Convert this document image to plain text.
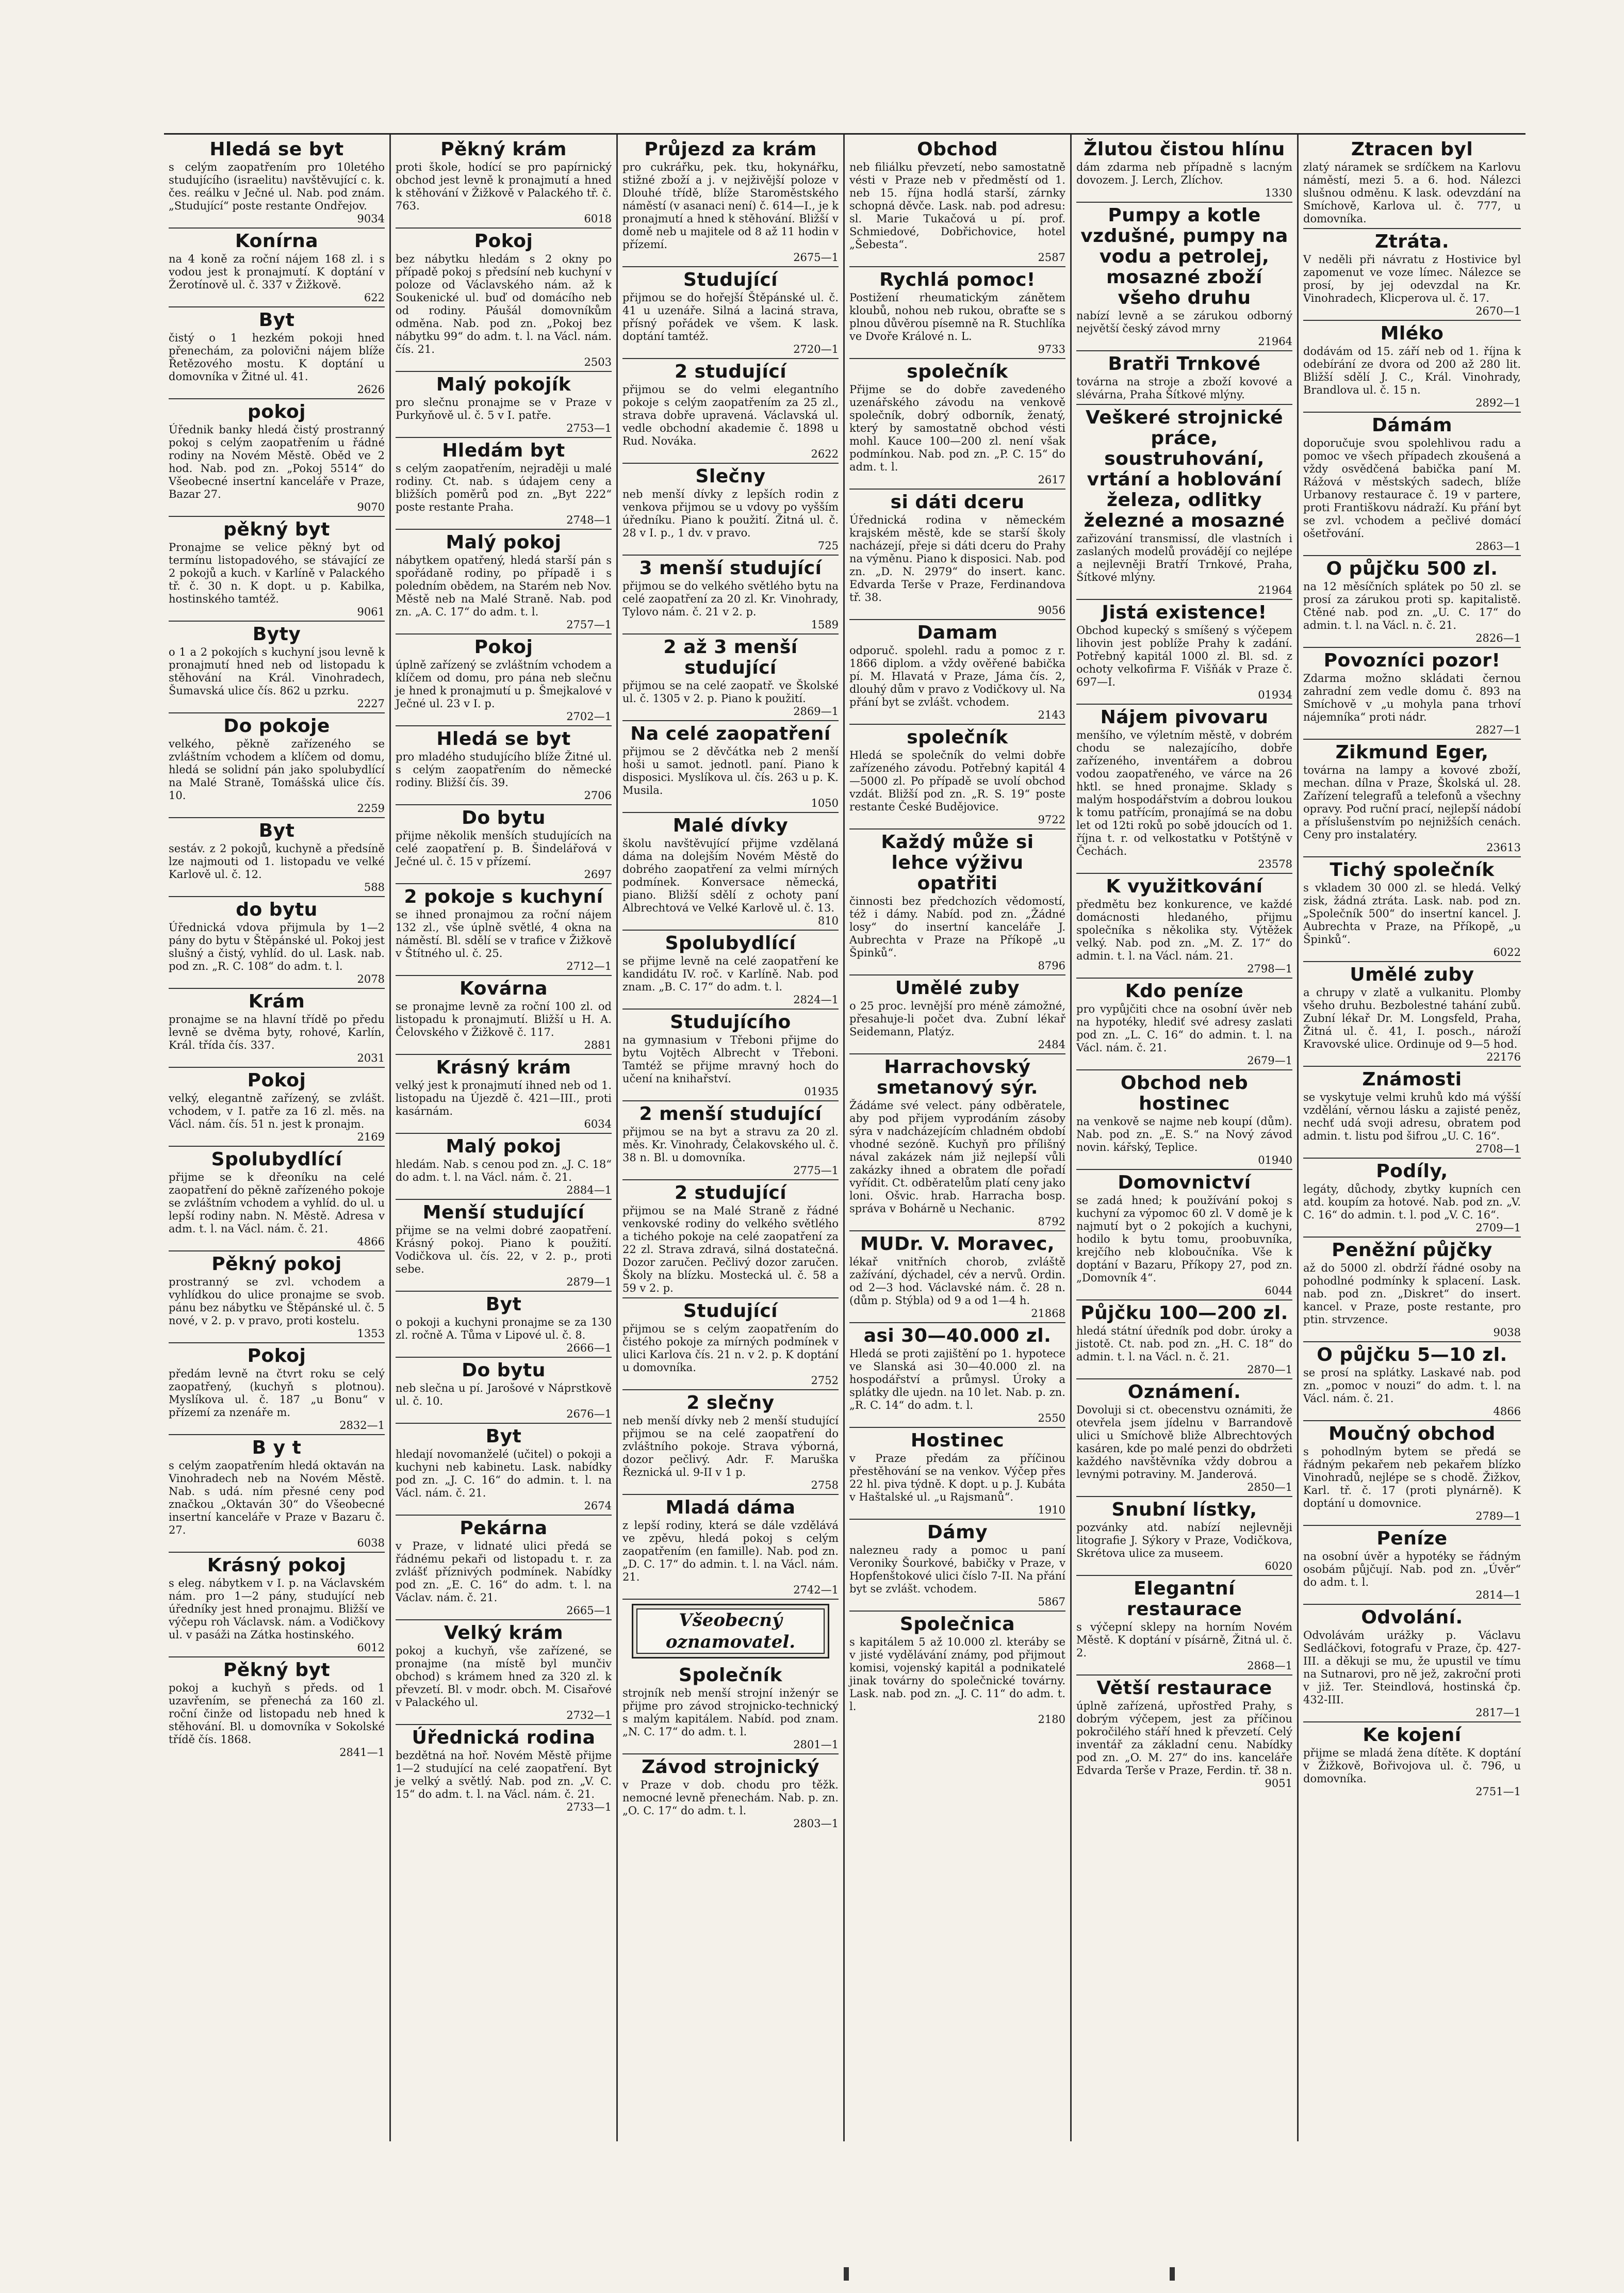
Hledá se byt

s celým zaopatřením pro 10letého studujícího (israelitu) navštěvující c. k. čes. reálku v Ječné ul. Nab. pod znám. „Studující“ poste restante Ondřejov.

9034
Konírna

na 4 koně za roční nájem 168 zl. i s vodou jest k pronajmutí. K doptání v Žerotínově ul. č. 337 v Žižkově.

622
Byt

čistý o 1 hezkém pokoji hned přenechám, za polovični nájem blíže Řetězového mostu. K doptání u domovníka v Žitné ul. 41.

2626
pokoj

Úřednik banky hledá čistý prostranný pokoj s celým zaopatřením u řádné rodiny na Novém Městě. Oběd ve 2 hod. Nab. pod zn. „Pokoj 5514“ do Všeobecné insertní kanceláře v Praze, Bazar 27.

9070
pěkný byt

Pronajme se velice pěkný byt od termínu listopadového, se stávající ze 2 pokojů a kuch. v Karlíně v Palackého tř. č. 30 n. K dopt. u p. Kabilka, hostinského tamtéž.

9061
Byty

o 1 a 2 pokojích s kuchyní jsou levně k pronajmutí hned neb od listopadu k stěhování na Král. Vinohradech, Šumavská ulice čís. 862 u pzrku.

2227
Do pokoje

velkého, pěkně zařízeného se zvláštním vchodem a klíčem od domu, hledá se solidní pán jako spolubydlící na Malé Straně, Tomášská ulice čís. 10.

2259
Byt

sestáv. z 2 pokojů, kuchyně a předsíně lze najmouti od 1. listopadu ve velké Karlově ul. č. 12.

588
do bytu

Úřednická vdova přijmula by 1—2 pány do bytu v Štěpánské ul. Pokoj jest slušný a čistý, vyhlíd. do ul. Lask. nab. pod zn. „R. C. 108“ do adm. t. l.

2078
Krám

pronajme se na hlavní třídě po předu levně se dvěma byty, rohové, Karlín, Král. třída čís. 337.

2031
Pokoj

velký, elegantně zařízený, se zvlášt. vchodem, v I. patře za 16 zl. měs. na Václ. nám. čís. 51 n. jest k pronajm.

2169
Spolubydlící

přijme se k dřeoníku na celé zaopatření do pěkně zařízeného pokoje se zvláštním vchodem a vyhlíd. do ul. u lepší rodiny nabn. N. Městě. Adresa v adm. t. l. na Václ. nám. č. 21.

4866
Pěkný pokoj

prostranný se zvl. vchodem a vyhlídkou do ulice pronajme se svob. pánu bez nábytku ve Štěpánské ul. č. 5 nové, v 2. p. v pravo, proti kostelu.

1353
Pokoj

předám levně na čtvrt roku se celý zaopatřený, (kuchyň s plotnou). Myslíkova ul. č. 187 „u Bonu“ v přízemí za nzenáře m.

2832—1
B y t

s celým zaopatřením hledá oktaván na Vinohradech neb na Novém Městě. Nab. s udá. ním přesné ceny pod značkou „Oktaván 30“ do Všeobecné insertní kanceláře v Praze v Bazaru č. 27.

6038
Krásný pokoj

s eleg. nábytkem v I. p. na Václavském nám. pro 1—2 pány, studující neb úředníky jest hned pronajmu. Bližší ve výčepu roh Václavsk. nám. a Vodičkovy ul. v pasáži na Zátka hostinského.

6012
Pěkný byt

pokoj a kuchyň s předs. od 1 uzavřením, se přenechá za 160 zl. roční činže od listopadu neb hned k stěhování. Bl. u domovníka v Sokolské třídě čís. 1868.

2841—1
Pěkný krám

proti škole, hodící se pro papírnický obchod jest levně k pronajmutí a hned k stěhování v Žižkově v Palackého tř. č. 763.

6018
Pokoj

bez nábytku hledám s 2 okny po případě pokoj s předsíní neb kuchyní v poloze od Václavského nám. až k Soukenické ul. buď od domácího neb od rodiny. Páušál domovníkům odměna. Nab. pod zn. „Pokoj bez nábytku 99“ do adm. t. l. na Václ. nám. čís. 21.

2503
Malý pokojík

pro slečnu pronajme se v Praze v Purkyňově ul. č. 5 v I. patře.

2753—1
Hledám byt

s celým zaopatřením, nejraději u malé rodiny. Ct. nab. s údajem ceny a bližších poměrů pod zn. „Byt 222“ poste restante Praha.

2748—1
Malý pokoj

nábytkem opatřený, hledá starší pán s spořádaně rodiny, po případě i s poledním obědem, na Starém neb Nov. Městě neb na Malé Straně. Nab. pod zn. „A. C. 17“ do adm. t. l.

2757—1
Pokoj

úplně zařízený se zvláštním vchodem a klíčem od domu, pro pána neb slečnu je hned k pronajmutí u p. Šmejkalové v Ječné ul. 23 v I. p.

2702—1
Hledá se byt

pro mladého studujícího blíže Žitné ul. s celým zaopatřením do německé rodiny. Bližší čís. 39.

2706
Do bytu

přijme několik menších studujících na celé zaopatření p. B. Šindelářová v Ječné ul. č. 15 v přízemí.

2697
2 pokoje s kuchyní

se ihned pronajmou za roční nájem 132 zl., vše úplně světlé, 4 okna na náměstí. Bl. sdělí se v trafice v Žižkově v Štítného ul. č. 25.

2712—1
Kovárna

se pronajme levně za roční 100 zl. od listopadu k pronajmutí. Bližší u H. A. Čelovského v Žižkově č. 117.

2881
Krásný krám

velký jest k pronajmutí ihned neb od 1. listopadu na Újezdě č. 421—III., proti kasárnám.

6034
Malý pokoj

hledám. Nab. s cenou pod zn. „J. C. 18“ do adm. t. l. na Václ. nám. č. 21.

2884—1
Menší studující

přijme se na velmi dobré zaopatření. Krásný pokoj. Piano k použití. Vodičkova ul. čís. 22, v 2. p., proti sebe.

2879—1
Byt

o pokoji a kuchyni pronajme se za 130 zl. ročně A. Tůma v Lipové ul. č. 8.

2666—1
Do bytu

neb slečna u pí. Jarošové v Náprstkově ul. č. 10.

2676—1
Byt

hledají novomanželé (učitel) o pokoji a kuchyni neb kabinetu. Lask. nabídky pod zn. „J. C. 16“ do admin. t. l. na Václ. nám. č. 21.

2674
Pekárna

v Praze, v lidnaté ulici předá se řádnému pekaři od listopadu t. r. za zvlášť příznivých podmínek. Nabídky pod zn. „E. C. 16“ do adm. t. l. na Václav. nám. č. 21.

2665—1
Velký krám

pokoj a kuchyň, vše zařízené, se pronajme (na místě byl munčiv obchod) s krámem hned za 320 zl. k převzetí. Bl. v modr. obch. M. Cisařové v Palackého ul.

2732—1
Úřednická rodina

bezdětná na hoř. Novém Městě přijme 1—2 studující na celé zaopatření. Byt je velký a světlý. Nab. pod zn. „V. C. 15“ do adm. t. l. na Václ. nám. č. 21.

2733—1
Průjezd za krám

pro cukrářku, pek. tku, hokynářku, stižné zboží a j. v nejživější poloze v Dlouhé třídě, blíže Staroměstského náměstí (v asanaci není) č. 614—I., je k pronajmutí a hned k stěhování. Bližší v domě neb u majitele od 8 až 11 hodin v přízemí.

2675—1
Studující

přijmou se do hořejší Štěpánské ul. č. 41 u uzenáře. Silná a laciná strava, přísný pořádek ve všem. K lask. doptání tamtéž.

2720—1
2 studující

přijmou se do velmi elegantního pokoje s celým zaopatřením za 25 zl., strava dobře upravená. Václavská ul. vedle obchodní akademie č. 1898 u Rud. Nováka.

2622
Slečny

neb menší dívky z lepších rodin z venkova přijmou se u vdovy po vyšším úředníku. Piano k použití. Žitná ul. č. 28 v I. p., 1 dv. v pravo.

725
3 menší studující

přijmou se do velkého světlého bytu na celé zaopatření za 20 zl. Kr. Vinohrady, Tylovo nám. č. 21 v 2. p.

1589
2 až 3 menší studující

přijmou se na celé zaopatř. ve Školské ul. č. 1305 v 2. p. Piano k použití.

2869—1
Na celé zaopatření

přijmou se 2 děvčátka neb 2 menší hoši u samot. jednotl. paní. Piano k disposici. Myslíkova ul. čís. 263 u p. K. Musila.

1050
Malé dívky

školu navštěvující přijme vzdělaná dáma na dolejším Novém Městě do dobrého zaopatření za velmi mírných podmínek. Konversace německá, piano. Bližší sdělí z ochoty paní Albrechtová ve Velké Karlově ul. č. 13.

810
Spolubydlící

se přijme levně na celé zaopatření ke kandidátu IV. roč. v Karlíně. Nab. pod znam. „B. C. 17“ do adm. t. l.

2824—1
Studujícího

na gymnasium v Třeboni přijme do bytu Vojtěch Albrecht v Třeboni. Tamtéž se přijme mravný hoch do učení na knihařství.

01935
2 menší studující

přijmou se na byt a stravu za 20 zl. měs. Kr. Vinohrady, Čelakovského ul. č. 38 n. Bl. u domovníka.

2775—1
2 studující

přijmou se na Malé Straně z řádné venkovské rodiny do velkého světlého a tichého pokoje na celé zaopatření za 22 zl. Strava zdravá, silná dostatečná. Dozor zaručen. Pečlivý dozor zaručen. Školy na blízku. Mostecká ul. č. 58 a 59 v 2. p.

Studující

přijmou se s celým zaopatřením do čistého pokoje za mírných podmínek v ulici Karlova čís. 21 n. v 2. p. K doptání u domovníka.

2752
2 slečny

neb menší dívky neb 2 menší studující přijmou se na celé zaopatření do zvláštního pokoje. Strava výborná, dozor pečlivý. Adr. F. Maruška Řeznická ul. 9-II v 1 p.

2758
Mladá dáma

z lepší rodiny, která se dále vzdělává ve zpěvu, hledá pokoj s celým zaopatřením (en famille). Nab. pod zn. „D. C. 17“ do admin. t. l. na Václ. nám. 21.

2742—1
Všeobecný
oznamovatel.
Společník

strojník neb menší strojní inženýr se přijme pro závod strojnicko-technický s malým kapitálem. Nabíd. pod znam. „N. C. 17“ do adm. t. l.

2801—1
Závod strojnický

v Praze v dob. chodu pro těžk. nemocné levně přenechám. Nab. p. zn. „O. C. 17“ do adm. t. l.

2803—1
Obchod

neb filiálku převzetí, nebo samostatně vésti v Praze neb v předměstí od 1. neb 15. října hodlá starší, zárnky schopná děvče. Lask. nab. pod adresu: sl. Marie Tukačová u pí. prof. Schmiedové, Dobřichovice, hotel „Šebesta“.

2587
Rychlá pomoc!

Postižení rheumatickým zánětem kloubů, nohou neb rukou, obraťte se s plnou důvěrou písemně na R. Stuchlíka ve Dvoře Králové n. L.

9733
společník

Přijme se do dobře zavedeného uzenářského závodu na venkově společník, dobrý odborník, ženatý, který by samostatně obchod vésti mohl. Kauce 100—200 zl. není však podmínkou. Nab. pod zn. „P. C. 15“ do adm. t. l.

2617
si dáti dceru

Úřednická rodina v německém krajském městě, kde se starší školy nacházejí, přeje si dáti dceru do Prahy na výměnu. Piano k disposici. Nab. pod zn. „D. N. 2979“ do insert. kanc. Edvarda Terše v Praze, Ferdinandova tř. 38.

9056
Damam

odporuč. spolehl. radu a pomoc z r. 1866 diplom. a vždy ověřené babička pí. M. Hlavatá v Praze, Jáma čís. 2, dlouhý dům v pravo z Vodičkovy ul. Na přání byt se zvlášt. vchodem.

2143
společník

Hledá se společník do velmi dobře zařízeného závodu. Potřebný kapitál 4—5000 zl. Po případě se uvolí obchod vzdát. Bližší pod zn. „R. S. 19“ poste restante České Budějovice.

9722
Každý může si lehce výživu opatřiti

činnosti bez předchozích vědomostí, též i dámy. Nabíd. pod zn. „Žádné losy“ do insertní kanceláře J. Aubrechta v Praze na Příkopě „u Špinků“.

8796
Umělé zuby

o 25 proc. levnější pro méně zámožné, přesahuje-li počet dva. Zubní lékař Seidemann, Platýz.

2484
Harrachovský smetanový sýr.

Žádáme své velect. pány odběratele, aby pod přijem vyprodáním zásoby sýra v nadcházejícím chladném období vhodné sezóně. Kuchyň pro přílišný nával zakázek nám již nejlepší vůli zakázky ihned a obratem dle pořadí vyřídit. Ct. odběratelům platí ceny jako loni. Ošvic. hrab. Harracha bosp. správa v Bohárně u Nechanic.

8792
MUDr. V. Moravec,

lékař vnitřních chorob, zvláště zažívání, dýchadel, cév a nervů. Ordin. od 2—3 hod. Václavské nám. č. 28 n. (dům p. Stýbla) od 9 a od 1—4 h.

21868
asi 30—40.000 zl.

Hledá se proti zajištění po 1. hypotece ve Slanská asi 30—40.000 zl. na hospodářství a průmysl. Úroky a splátky dle ujedn. na 10 let. Nab. p. zn. „R. C. 14“ do adm. t. l.

2550
Hostinec

v Praze předám za příčinou přestěhování se na venkov. Výčep přes 22 hl. piva týdně. K dopt. u p. J. Kubáta v Haštalské ul. „u Rajsmanů“.

1910
Dámy

nalezneu rady a pomoc u paní Veroniky Šourkové, babičky v Praze, v Hopfenštokové ulici číslo 7-II. Na přání byt se zvlášt. vchodem.

5867
Společnica

s kapitálem 5 až 10.000 zl. kteráby se v jisté vydělávání známy, pod přijmout komisi, vojenský kapitál a podnikatelé jinak továrny do společnické továrny. Lask. nab. pod zn. „J. C. 11“ do adm. t. l.

2180
Žlutou čistou hlínu

dám zdarma neb případně s lacným dovozem. J. Lerch, Zlíchov.

1330
Pumpy a kotle vzdušné, pumpy na vodu a petrolej, mosazné zboží všeho druhu

nabízí levně a se zárukou odborný největší český závod mrny

21964
Bratři Trnkové

továrna na stroje a zboží kovové a slévárna, Praha Šítkové mlýny.

Veškeré strojnické práce, soustruhování, vrtání a hoblování železa, odlitky železné a mosazné

zařizování transmissí, dle vlastních i zaslaných modelů provádějí co nejlépe a nejlevněji Bratří Trnkové, Praha, Šítkové mlýny.

21964
Jistá existence!

Obchod kupecký s smíšený s výčepem lihovin jest poblíže Prahy k zadání. Potřebný kapitál 1000 zl. Bl. sd. z ochoty velkofirma F. Višňák v Praze č. 697—I.

01934
Nájem pivovaru

menšího, ve výletním městě, v dobrém chodu se nalezajícího, dobře zařízeného, inventářem a dobrou vodou zaopatřeného, ve várce na 26 hktl. se hned pronajme. Sklady s malým hospodářstvím a dobrou loukou k tomu patřícím, pronajímá se na dobu let od 12ti roků po sobě jdoucích od 1. října t. r. od velkostatku v Potštýně v Čechách.

23578
K využitkování

předmětu bez konkurence, ve každé domácnosti hledaného, přijmu společníka s několika sty. Výtěžek velký. Nab. pod zn. „M. Z. 17“ do admin. t. l. na Václ. nám. 21.

2798—1
Kdo peníze

pro vypůjčiti chce na osobní úvěr neb na hypotéky, hlediť své adresy zaslati pod zn. „L. C. 16“ do admin. t. l. na Václ. nám. č. 21.

2679—1
Obchod neb hostinec

na venkově se najme neb koupí (dům). Nab. pod zn. „E. S.“ na Nový závod novin. kářský, Teplice.

01940
Domovnictví

se zadá hned; k používání pokoj s kuchyní za výpomoc 60 zl. V domě je k najmutí byt o 2 pokojích a kuchyni, hodilo k bytu tomu, proobuvníka, krejčího neb kloboučníka. Vše k doptání v Bazaru, Příkopy 27, pod zn. „Domovník 4“.

6044
Půjčku 100—200 zl.

hledá státní úředník pod dobr. úroky a jistotě. Ct. nab. pod zn. „H. C. 18“ do admin. t. l. na Václ. n. č. 21.

2870—1
Oznámení.

Dovoluji si ct. obecenstvu oznámiti, že otevřela jsem jídelnu v Barrandově ulici u Smíchově bliže Albrechtových kasáren, kde po malé penzi do obdržeti každého navštěvníka vždy dobrou a levnými potraviny. M. Janderová.

2850—1
Snubní lístky,

pozvánky atd. nabízí nejlevněji litografie J. Sýkory v Praze, Vodičkova, Skrétova ulice za museem.

6020
Elegantní restaurace

s výčepní sklepy na horním Novém Městě. K doptání v písárně, Žitná ul. č. 2.

2868—1
Větší restaurace

úplně zařízená, upřostřed Prahy, s dobrým výčepem, jest za příčinou pokročilého stáří hned k převzetí. Celý inventář za základní cenu. Nabídky pod zn. „O. M. 27“ do ins. kanceláře Edvarda Terše v Praze, Ferdin. tř. 38 n.

9051
Ztracen byl

zlatý náramek se srdíčkem na Karlovu náměstí, mezi 5. a 6. hod. Nálezci slušnou odměnu. K lask. odevzdání na Smíchově, Karlova ul. č. 777, u domovníka.

Ztráta.

V neděli při návratu z Hostivice byl zapomenut ve voze límec. Nálezce se prosí, by jej odevzdal na Kr. Vinohradech, Klicperova ul. č. 17.

2670—1
Mléko

dodávám od 15. září neb od 1. října k odebírání ze dvora od 200 až 280 lit. Bližší sdělí J. C., Král. Vinohrady, Brandlova ul. č. 15 n.

2892—1
Dámám

doporučuje svou spolehlivou radu a pomoc ve všech případech zkoušená a vždy osvědčená babička paní M. Rážová v městských sadech, blíže Urbanovy restaurace č. 19 v partere, proti Františkovu nádraží. Ku přání byt se zvl. vchodem a pečlivé domácí ošetřování.

2863—1
O půjčku 500 zl.

na 12 měsíčních splátek po 50 zl. se prosí za zárukou proti sp. kapitalistě. Ctěné nab. pod zn. „U. C. 17“ do admin. t. l. na Václ. n. č. 21.

2826—1
Povozníci pozor!

Zdarma možno skládati černou zahradní zem vedle domu č. 893 na Smíchově v „u mohyla pana trhoví nájemníka“ proti nádr.

2827—1
Zikmund Eger,

továrna na lampy a kovové zboží, mechan. dílna v Praze, Školská ul. 28. Zařízení telegrafů a telefonů a všechny opravy. Pod ruční prací, nejlepší nádobí a příslušenstvím po nejnižších cenách. Ceny pro instalatéry.

23613
Tichý společník

s vkladem 30 000 zl. se hledá. Velký zisk, žádná ztráta. Lask. nab. pod zn. „Společník 500“ do insertní kancel. J. Aubrechta v Praze, na Příkopě, „u Špinků“.

6022
Umělé zuby

a chrupy v zlatě a vulkanitu. Plomby všeho druhu. Bezbolestné tahání zubů. Zubní lékař Dr. M. Longsfeld, Praha, Žitná ul. č. 41, I. posch., nároží Kravovské ulice. Ordinuje od 9—5 hod.

22176
Známosti

se vyskytuje velmi kruhů kdo má výšší vzdělání, věrnou lásku a zajisté peněz, nechť udá svoji adresu, obratem pod admin. t. listu pod šifrou „U. C. 16“.

2708—1
Podíly,

legáty, důchody, zbytky kupních cen atd. koupím za hotové. Nab. pod zn. „V. C. 16“ do admin. t. l. pod „V. C. 16“.

2709—1
Peněžní půjčky

až do 5000 zl. obdrží řádné osoby na pohodlné podmínky k splacení. Lask. nab. pod zn. „Diskret“ do insert. kancel. v Praze, poste restante, pro ptin. strvzence.

9038
O půjčku 5—10 zl.

se prosí na splátky. Laskavé nab. pod zn. „pomoc v nouzi“ do adm. t. l. na Václ. nám. č. 21.

4866
Moučný obchod

s pohodlným bytem se předá se řádným pekařem neb pekařem blízko Vinohradů, nejlépe se s chodě. Žižkov, Karl. tř. č. 17 (proti plynárně). K doptání u domovnice.

2789—1
Peníze

na osobní úvěr a hypotéky se řádným osobám půjčují. Nab. pod zn. „Úvěr“ do adm. t. l.

2814—1
Odvolání.

Odvolávám urážky p. Václavu Sedláčkovi, fotografu v Praze, čp. 427-III. a děkuji se mu, že upustil ve tímu na Sutnarovi, pro ně jež, zakroční proti v již. Ter. Steindlová, hostinská čp. 432-III.

2817—1
Ke kojení

přijme se mladá žena dítěte. K doptání v Žižkově, Bořivojova ul. č. 796, u domovníka.

2751—1
